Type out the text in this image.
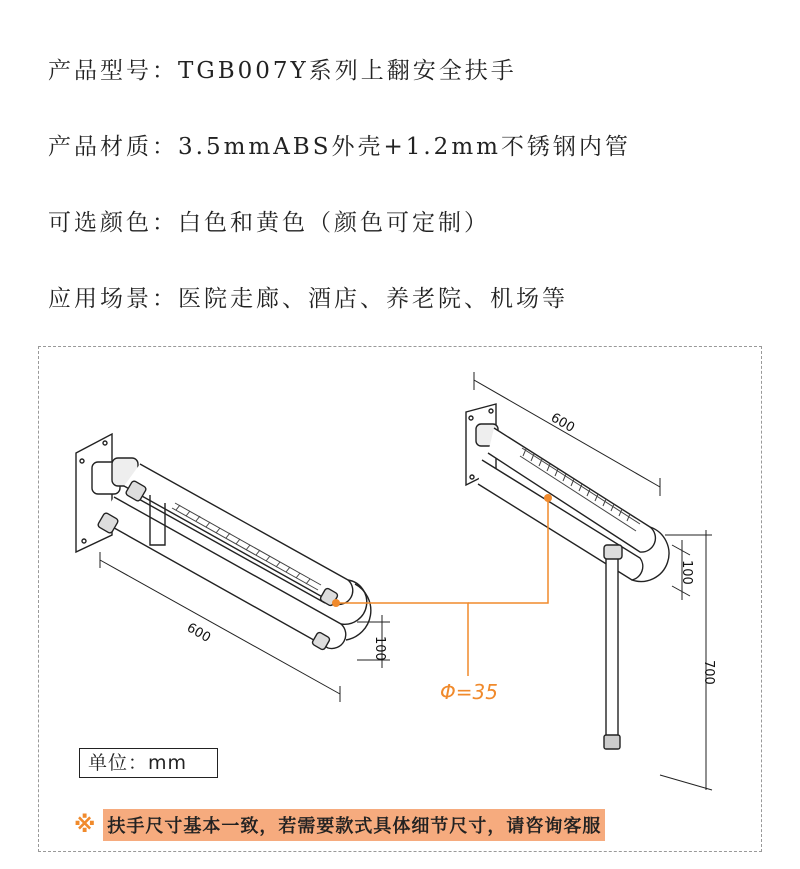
产品型号：TGB007Y系列上翻安全扶手
产品材质：3.5mmABS外壳+1.2mm不锈钢内管
可选颜色：白色和黄色（颜色可定制）
应用场景：医院走廊、酒店、养老院、机场等
600
100
600
100
700
Φ=35
单位：mm
※ 扶手尺寸基本一致，若需要款式具体细节尺寸，请咨询客服
